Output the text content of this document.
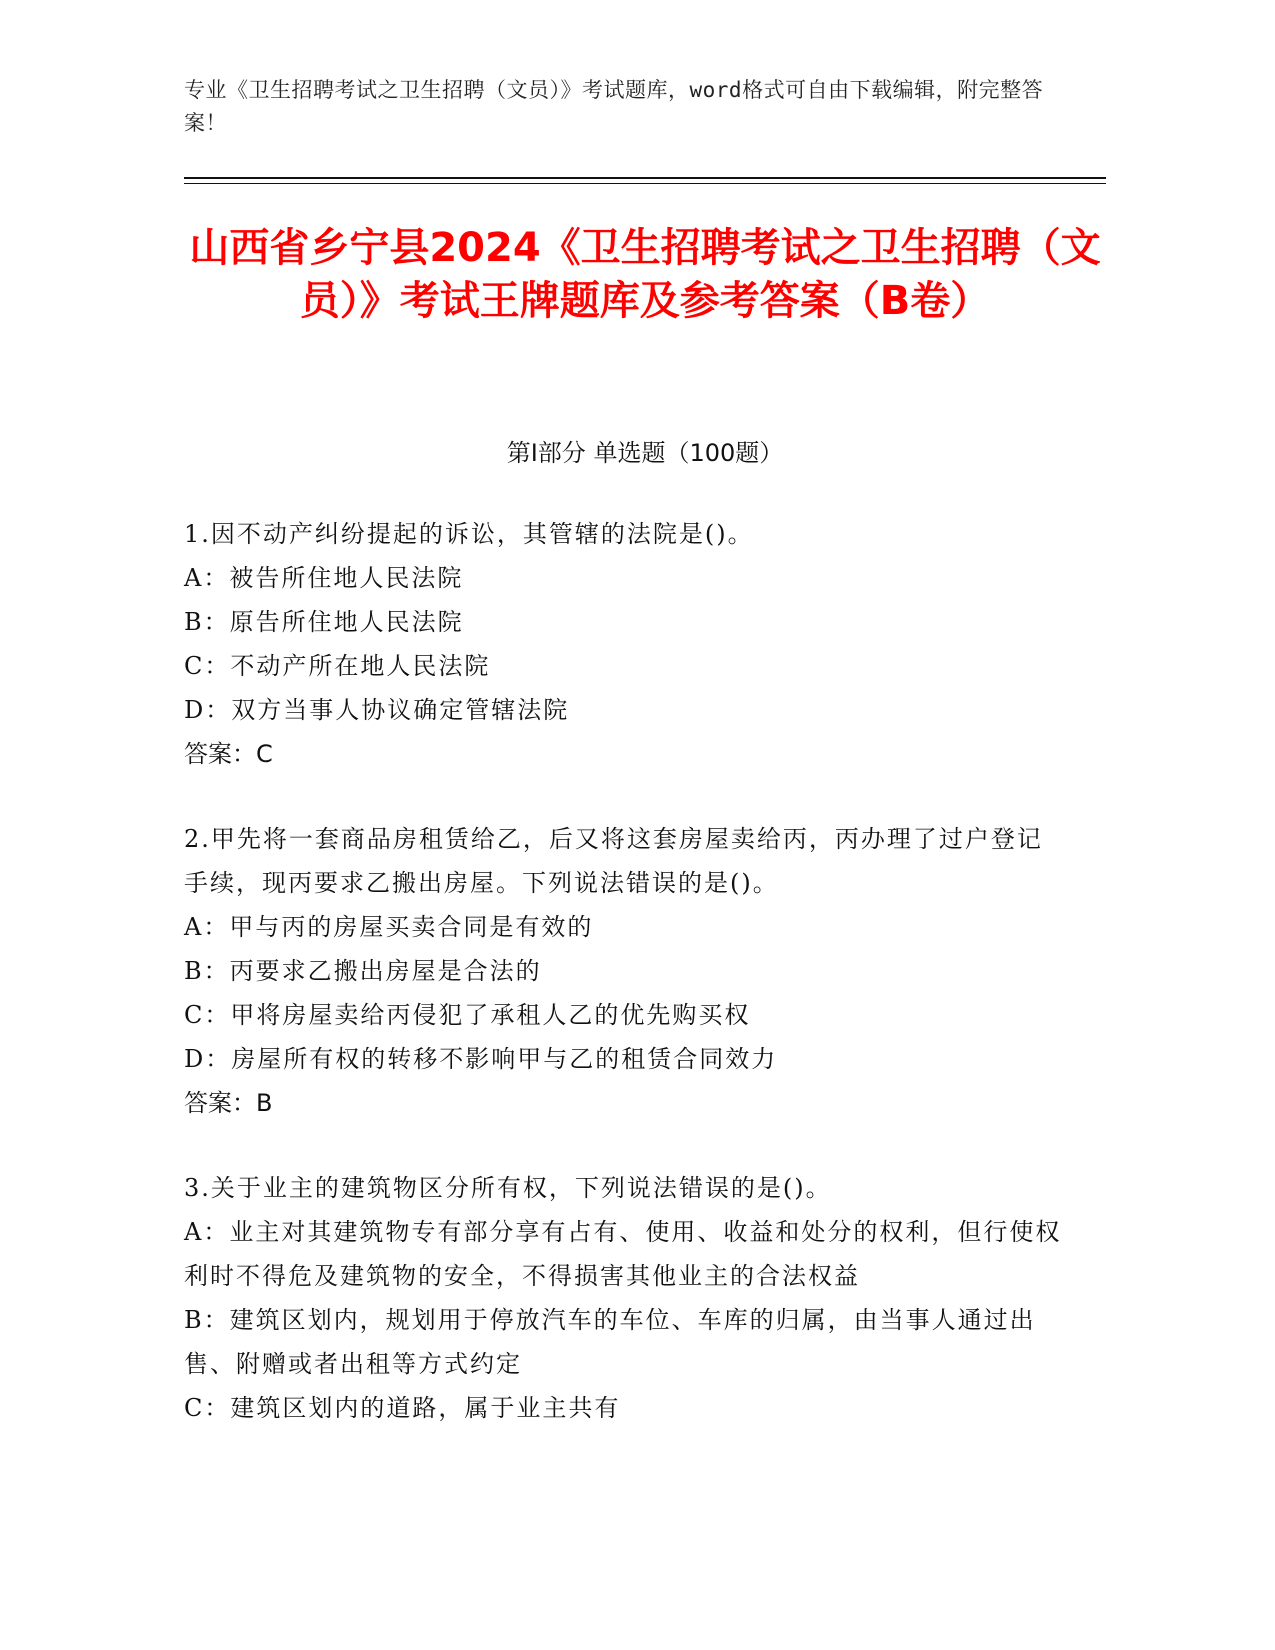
专业《卫生招聘考试之卫生招聘（文员）》考试题库，word格式可自由下载编辑，附完整答案！
山西省乡宁县2024《卫生招聘考试之卫生招聘（文员）》考试王牌题库及参考答案（B卷）
第Ⅰ部分 单选题（100题）
1.因不动产纠纷提起的诉讼，其管辖的法院是()。
A：被告所住地人民法院
B：原告所住地人民法院
C：不动产所在地人民法院
D：双方当事人协议确定管辖法院
答案：C
2.甲先将一套商品房租赁给乙，后又将这套房屋卖给丙，丙办理了过户登记手续，现丙要求乙搬出房屋。下列说法错误的是()。
A：甲与丙的房屋买卖合同是有效的
B：丙要求乙搬出房屋是合法的
C：甲将房屋卖给丙侵犯了承租人乙的优先购买权
D：房屋所有权的转移不影响甲与乙的租赁合同效力
答案：B
3.关于业主的建筑物区分所有权，下列说法错误的是()。
A：业主对其建筑物专有部分享有占有、使用、收益和处分的权利，但行使权利时不得危及建筑物的安全，不得损害其他业主的合法权益
B：建筑区划内，规划用于停放汽车的车位、车库的归属，由当事人通过出售、附赠或者出租等方式约定
C：建筑区划内的道路，属于业主共有
